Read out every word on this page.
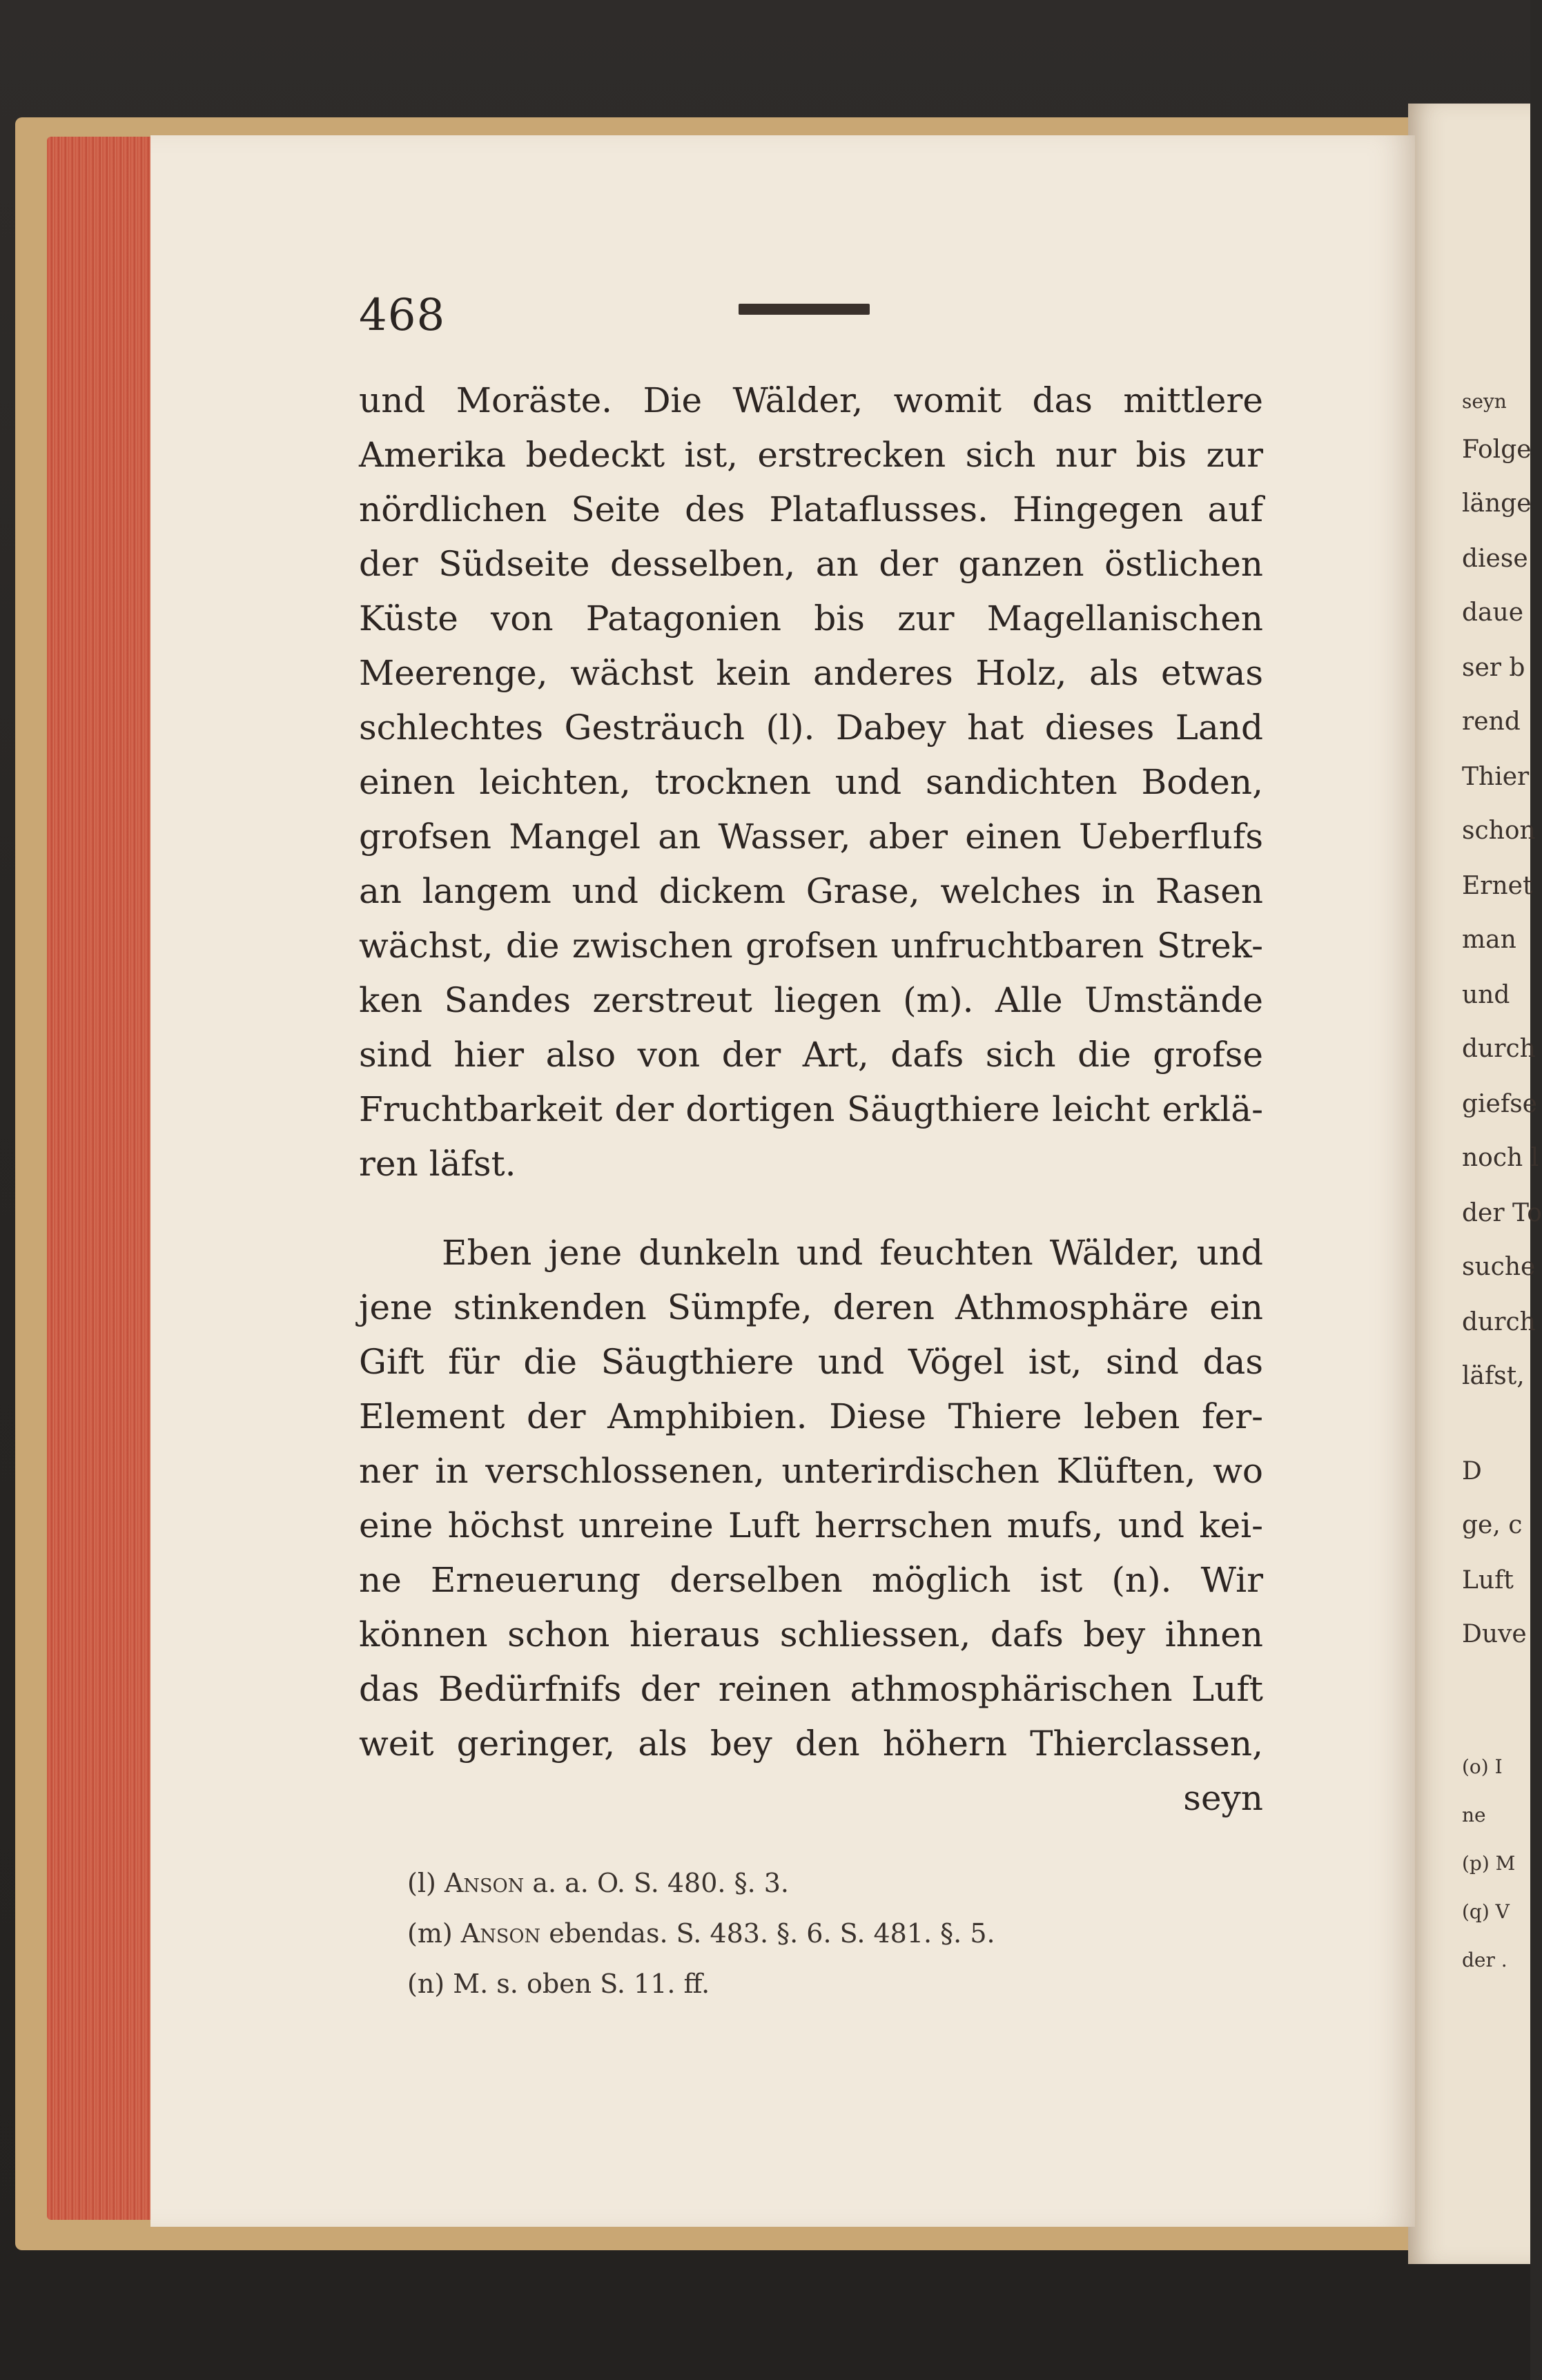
468
und Moräste. Die Wälder, womit das mittlere
Amerika bedeckt ist, erstrecken sich nur bis zur
nördlichen Seite des Plataflusses. Hingegen auf
der Südseite desselben, an der ganzen östlichen
Küste von Patagonien bis zur Magellanischen
Meerenge, wächst kein anderes Holz, als etwas
schlechtes Gesträuch (l). Dabey hat dieses Land
einen leichten, trocknen und sandichten Boden,
grofsen Mangel an Wasser, aber einen Ueberflufs
an langem und dickem Grase, welches in Rasen
wächst, die zwischen grofsen unfruchtbaren Strek-
ken Sandes zerstreut liegen (m). Alle Umstände
sind hier also von der Art, dafs sich die grofse
Fruchtbarkeit der dortigen Säugthiere leicht erklä-
ren läfst.
Eben jene dunkeln und feuchten Wälder, und
jene stinkenden Sümpfe, deren Athmosphäre ein
Gift für die Säugthiere und Vögel ist, sind das
Element der Amphibien. Diese Thiere leben fer-
ner in verschlossenen, unterirdischen Klüften, wo
eine höchst unreine Luft herrschen mufs, und kei-
ne Erneuerung derselben möglich ist (n). Wir
können schon hieraus schliessen, dafs bey ihnen
das Bedürfnifs der reinen athmosphärischen Luft
weit geringer, als bey den höhern Thierclassen,
seyn
(l) Anson a. a. O. S. 480. §. 3.
(m) Anson ebendas. S. 483. §. 6. S. 481. §. 5.
(n) M. s. oben S. 11. ff.
seyn
Folge
länge
diese
daue
ser b
rend
Thier
schon
Ernet
man
und
durch
giefse
noch l
der To
suche
durch
läfst,
D
ge, c
Luft
Duve
(o) I
ne
(p) M
(q) V
der .
